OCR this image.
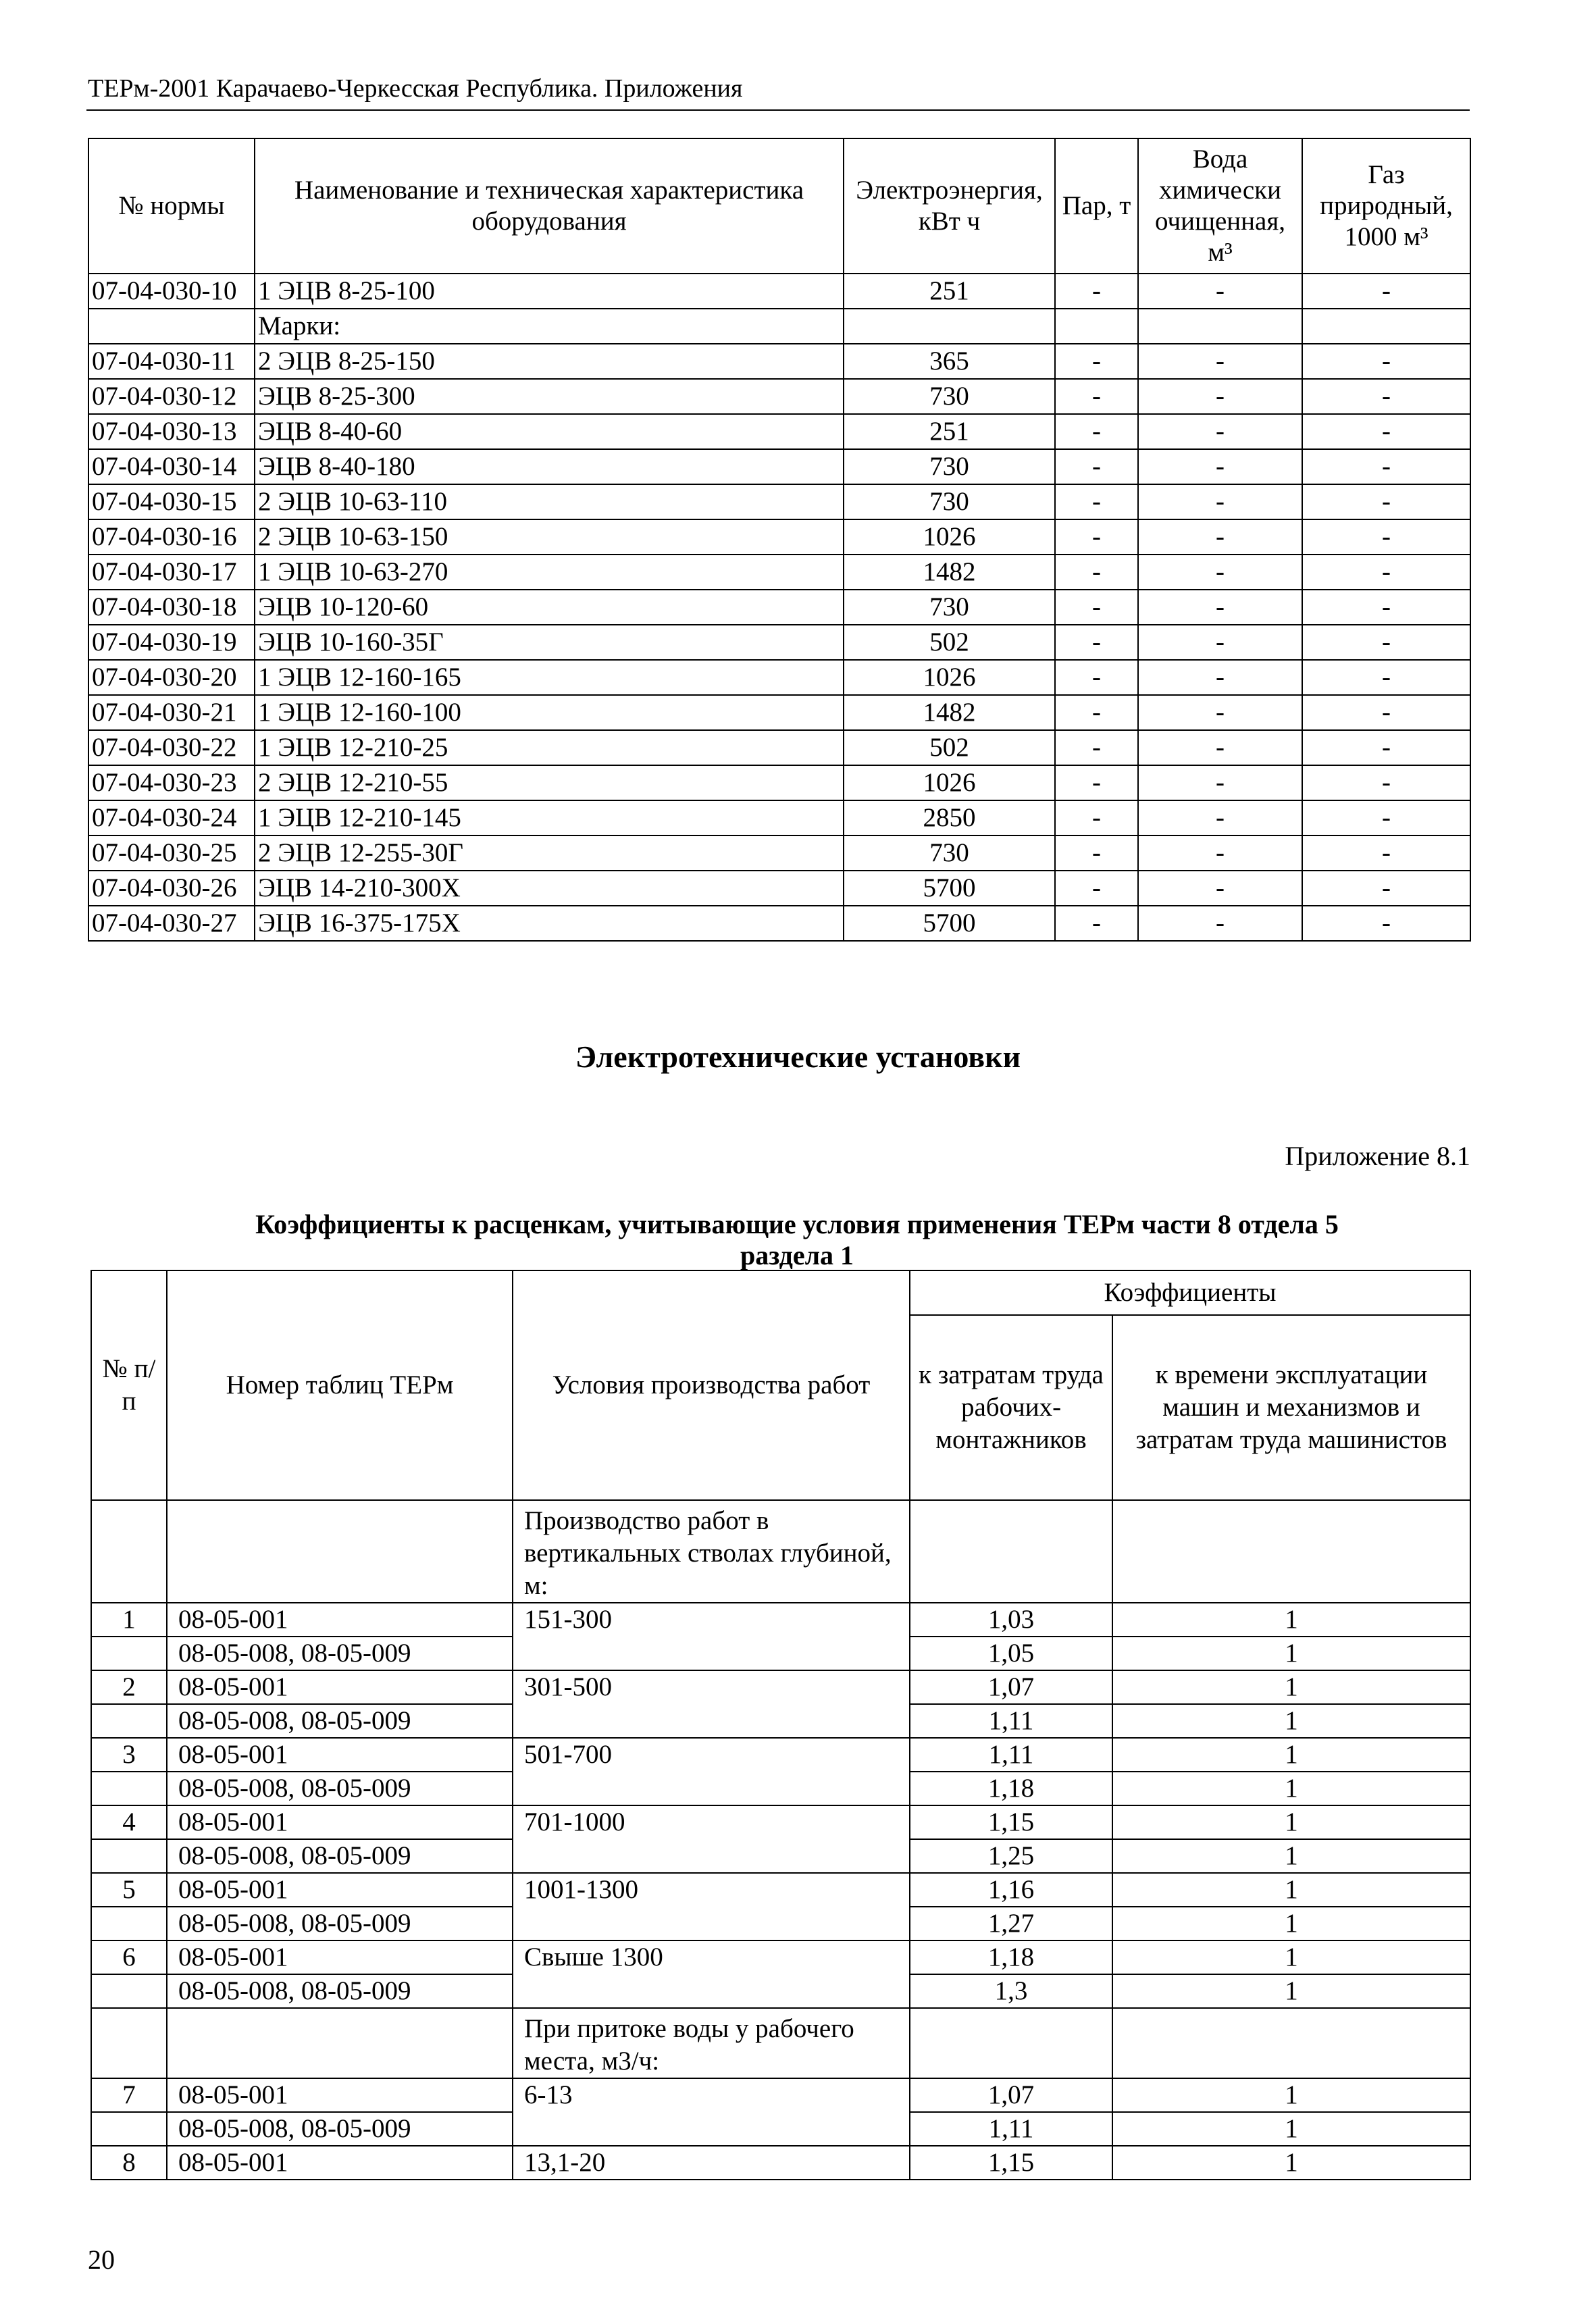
ТЕРм-2001 Карачаево-Черкесская Республика. Приложения
№ нормы	Наименование и техническая характеристика оборудования	Электроэнергия, кВт ч	Пар, т	Вода химически очищенная, м³	Газ природный, 1000 м³
07-04-030-10	1 ЭЦВ 8-25-100	251	-	-	-
	Марки:				
07-04-030-11	2 ЭЦВ 8-25-150	365	-	-	-
07-04-030-12	ЭЦВ 8-25-300	730	-	-	-
07-04-030-13	ЭЦВ 8-40-60	251	-	-	-
07-04-030-14	ЭЦВ 8-40-180	730	-	-	-
07-04-030-15	2 ЭЦВ 10-63-110	730	-	-	-
07-04-030-16	2 ЭЦВ 10-63-150	1026	-	-	-
07-04-030-17	1 ЭЦВ 10-63-270	1482	-	-	-
07-04-030-18	ЭЦВ 10-120-60	730	-	-	-
07-04-030-19	ЭЦВ 10-160-35Г	502	-	-	-
07-04-030-20	1 ЭЦВ 12-160-165	1026	-	-	-
07-04-030-21	1 ЭЦВ 12-160-100	1482	-	-	-
07-04-030-22	1 ЭЦВ 12-210-25	502	-	-	-
07-04-030-23	2 ЭЦВ 12-210-55	1026	-	-	-
07-04-030-24	1 ЭЦВ 12-210-145	2850	-	-	-
07-04-030-25	2 ЭЦВ 12-255-30Г	730	-	-	-
07-04-030-26	ЭЦВ 14-210-300Х	5700	-	-	-
07-04-030-27	ЭЦВ 16-375-175Х	5700	-	-	-
Электротехнические установки
Приложение 8.1
Коэффициенты к расценкам, учитывающие условия применения ТЕРм части 8 отдела 5
раздела 1
№ п/п	Номер таблиц ТЕРм	Условия производства работ	Коэффициенты	
			к затратам труда рабочих-монтажников	к времени эксплуатации машин и механизмов и затратам труда машинистов
		Производство работ в вертикальных стволах глубиной, м:		
1	08-05-001	151-300	1,03	1
	08-05-008, 08-05-009		1,05	1
2	08-05-001	301-500	1,07	1
	08-05-008, 08-05-009		1,11	1
3	08-05-001	501-700	1,11	1
	08-05-008, 08-05-009		1,18	1
4	08-05-001	701-1000	1,15	1
	08-05-008, 08-05-009		1,25	1
5	08-05-001	1001-1300	1,16	1
	08-05-008, 08-05-009		1,27	1
6	08-05-001	Свыше 1300	1,18	1
	08-05-008, 08-05-009		1,3	1
		При притоке воды у рабочего места, м3/ч:		
7	08-05-001	6-13	1,07	1
	08-05-008, 08-05-009		1,11	1
8	08-05-001	13,1-20	1,15	1
20
